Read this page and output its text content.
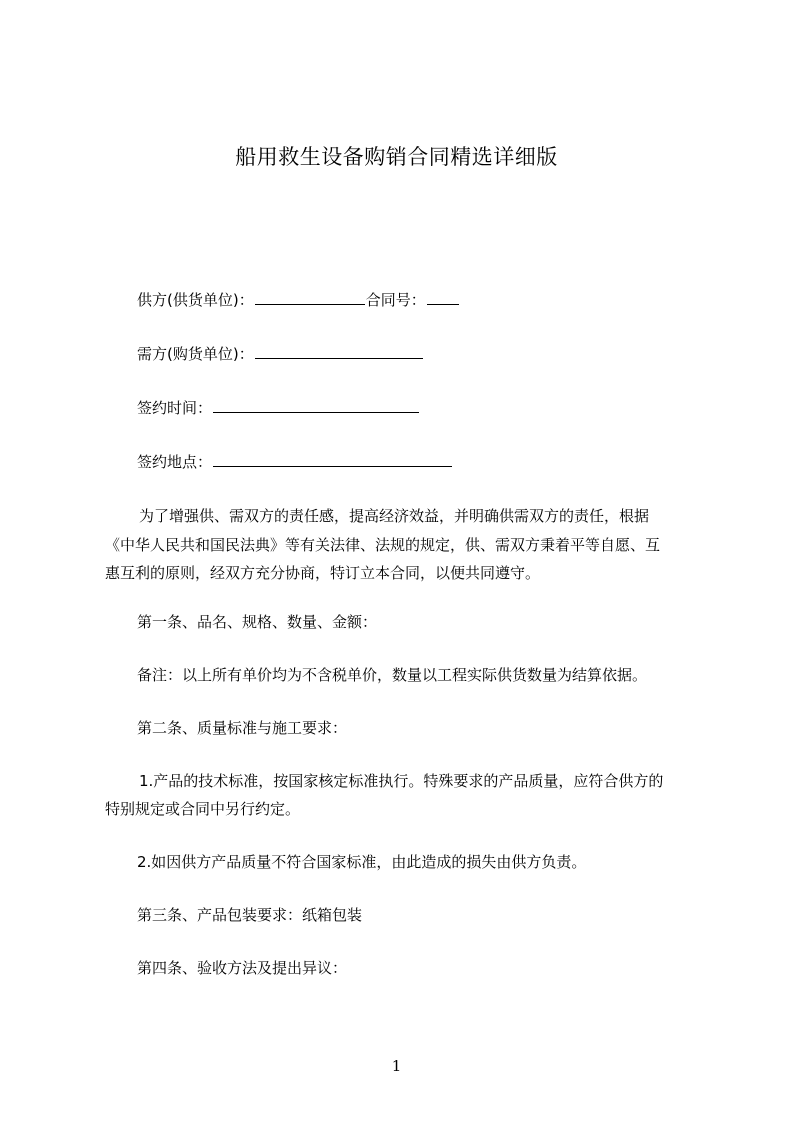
船用救生设备购销合同精选详细版
供方(供货单位)：	合同号：
需方(购货单位)：
签约时间：
签约地点：
为了增强供、需双方的责任感，提高经济效益，并明确供需双方的责任，根据
《中华人民共和国民法典》等有关法律、法规的规定，供、需双方秉着平等自愿、互
惠互利的原则，经双方充分协商，特订立本合同，以便共同遵守。
第一条、品名、规格、数量、金额：
备注：以上所有单价均为不含税单价，数量以工程实际供货数量为结算依据。
第二条、质量标准与施工要求：
1.产品的技术标准，按国家核定标准执行。特殊要求的产品质量，应符合供方的
特别规定或合同中另行约定。
2.如因供方产品质量不符合国家标准，由此造成的损失由供方负责。
第三条、产品包装要求：纸箱包装
第四条、验收方法及提出异议：
1
